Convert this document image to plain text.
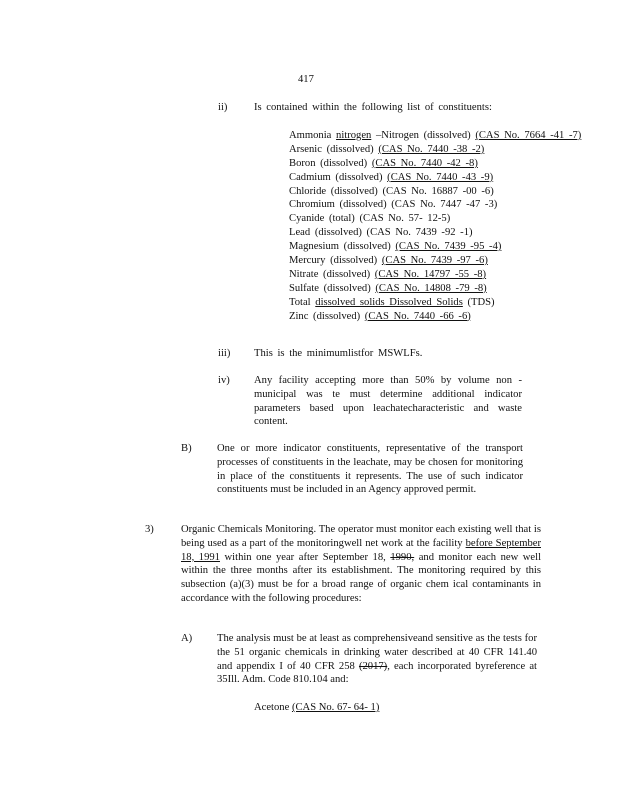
417
ii)	Is contained within the following list of constituents:
Ammonia nitrogen –Nitrogen (dissolved) (CAS No. 7664 -41 -7)
Arsenic (dissolved) (CAS No. 7440 -38 -2)
Boron (dissolved) (CAS No. 7440 -42 -8)
Cadmium (dissolved) (CAS No. 7440 -43 -9)
Chloride (dissolved) (CAS No. 16887 -00 -6)
Chromium (dissolved) (CAS No. 7447 -47 -3)
Cyanide (total) (CAS No. 57- 12-5)
Lead (dissolved) (CAS No. 7439 -92 -1)
Magnesium (dissolved) (CAS No. 7439 -95 -4)
Mercury (dissolved) (CAS No. 7439 -97 -6)
Nitrate (dissolved) (CAS No. 14797 -55 -8)
Sulfate (dissolved) (CAS No. 14808 -79 -8)
Total dissolved solids Dissolved Solids (TDS)
Zinc (dissolved) (CAS No. 7440 -66 -6)
iii) This is the minimumlistfor MSWLFs.
iv) Any facility accepting more than 50% by volume non - municipal was te must determine additional indicator parameters based upon leachatecharacteristic and waste content.
B) One or more indicator constituents, representative of the transport processes of constituents in the leachate, may be chosen for monitoring in place of the constituents it represents. The use of such indicator constituents must be included in an Agency approved permit.
3)	Organic Chemicals Monitoring. The operator must monitor each existing well that is being used as a part of the monitoringwell net work at the facility before September 18, 1991 within one year after September 18, 1990, and monitor each new well within the three months after its establishment. The monitoring required by this subsection (a)(3) must be for a broad range of organic chem ical contaminants in accordance with the following procedures:
A) The analysis must be at least as comprehensiveand sensitive as the tests for the 51 organic chemicals in drinking water described at 40 CFR 141.40 and appendix I of 40 CFR 258 (2017), each incorporated byreference at 35Ill. Adm. Code 810.104 and:
Acetone (CAS No. 67- 64- 1)
